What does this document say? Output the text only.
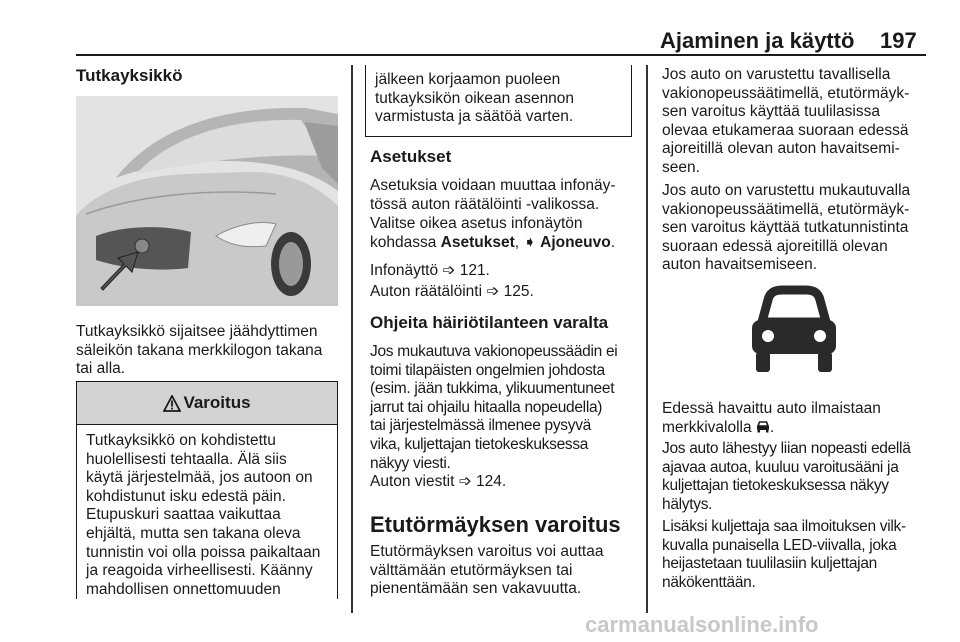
Ajaminen ja käyttö 197
Tutkayksikkö

Tutkayksikkö sijaitsee jäähdyttimen
säleikön takana merkkilogon takana
tai alla.

Varoitus

Tutkayksikkö on kohdistettu
huolellisesti tehtaalla. Älä siis
käytä järjestelmää, jos autoon on
kohdistunut isku edestä päin.
Etupuskuri saattaa vaikuttaa
ehjältä, mutta sen takana oleva
tunnistin voi olla poissa paikaltaan
ja reagoida virheellisesti. Käänny
mahdollisen onnettomuuden

jälkeen korjaamon puoleen
tutkayksikön oikean asennon
varmistusta ja säätöä varten.

Asetukset

Asetuksia voidaan muuttaa infonäy-
tössä auton räätälöinti -valikossa.

Valitse oikea asetus infonäytön
kohdassa Asetukset, ➧ Ajoneuvo.

Infonäyttö ➩ 121.

Auton räätälöinti ➩ 125.

Ohjeita häiriötilanteen varalta

Jos mukautuva vakionopeussäädin ei
toimi tilapäisten ongelmien johdosta
(esim. jään tukkima, ylikuumentuneet
jarrut tai ohjailu hitaalla nopeudella)
tai järjestelmässä ilmenee pysyvä
vika, kuljettajan tietokeskuksessa
näkyy viesti.

Auton viestit ➩ 124.

Etutörmäyksen varoitus

Etutörmäyksen varoitus voi auttaa
välttämään etutörmäyksen tai
pienentämään sen vakavuutta.

Jos auto on varustettu tavallisella
vakionopeussäätimellä, etutörmäyk-
sen varoitus käyttää tuulilasissa
olevaa etukameraa suoraan edessä
ajoreitillä olevan auton havaitsemi-
seen.

Jos auto on varustettu mukautuvalla
vakionopeussäätimellä, etutörmäyk-
sen varoitus käyttää tutkatunnistinta
suoraan edessä ajoreitillä olevan
auton havaitsemiseen.

Edessä havaittu auto ilmaistaan
merkkivalolla .

Jos auto lähestyy liian nopeasti edellä
ajavaa autoa, kuuluu varoitusääni ja
kuljettajan tietokeskuksessa näkyy
hälytys.

Lisäksi kuljettaja saa ilmoituksen vilk-
kuvalla punaisella LED-viivalla, joka
heijastetaan tuulilasiin kuljettajan
näkökenttään.

carmanualsonline.info
